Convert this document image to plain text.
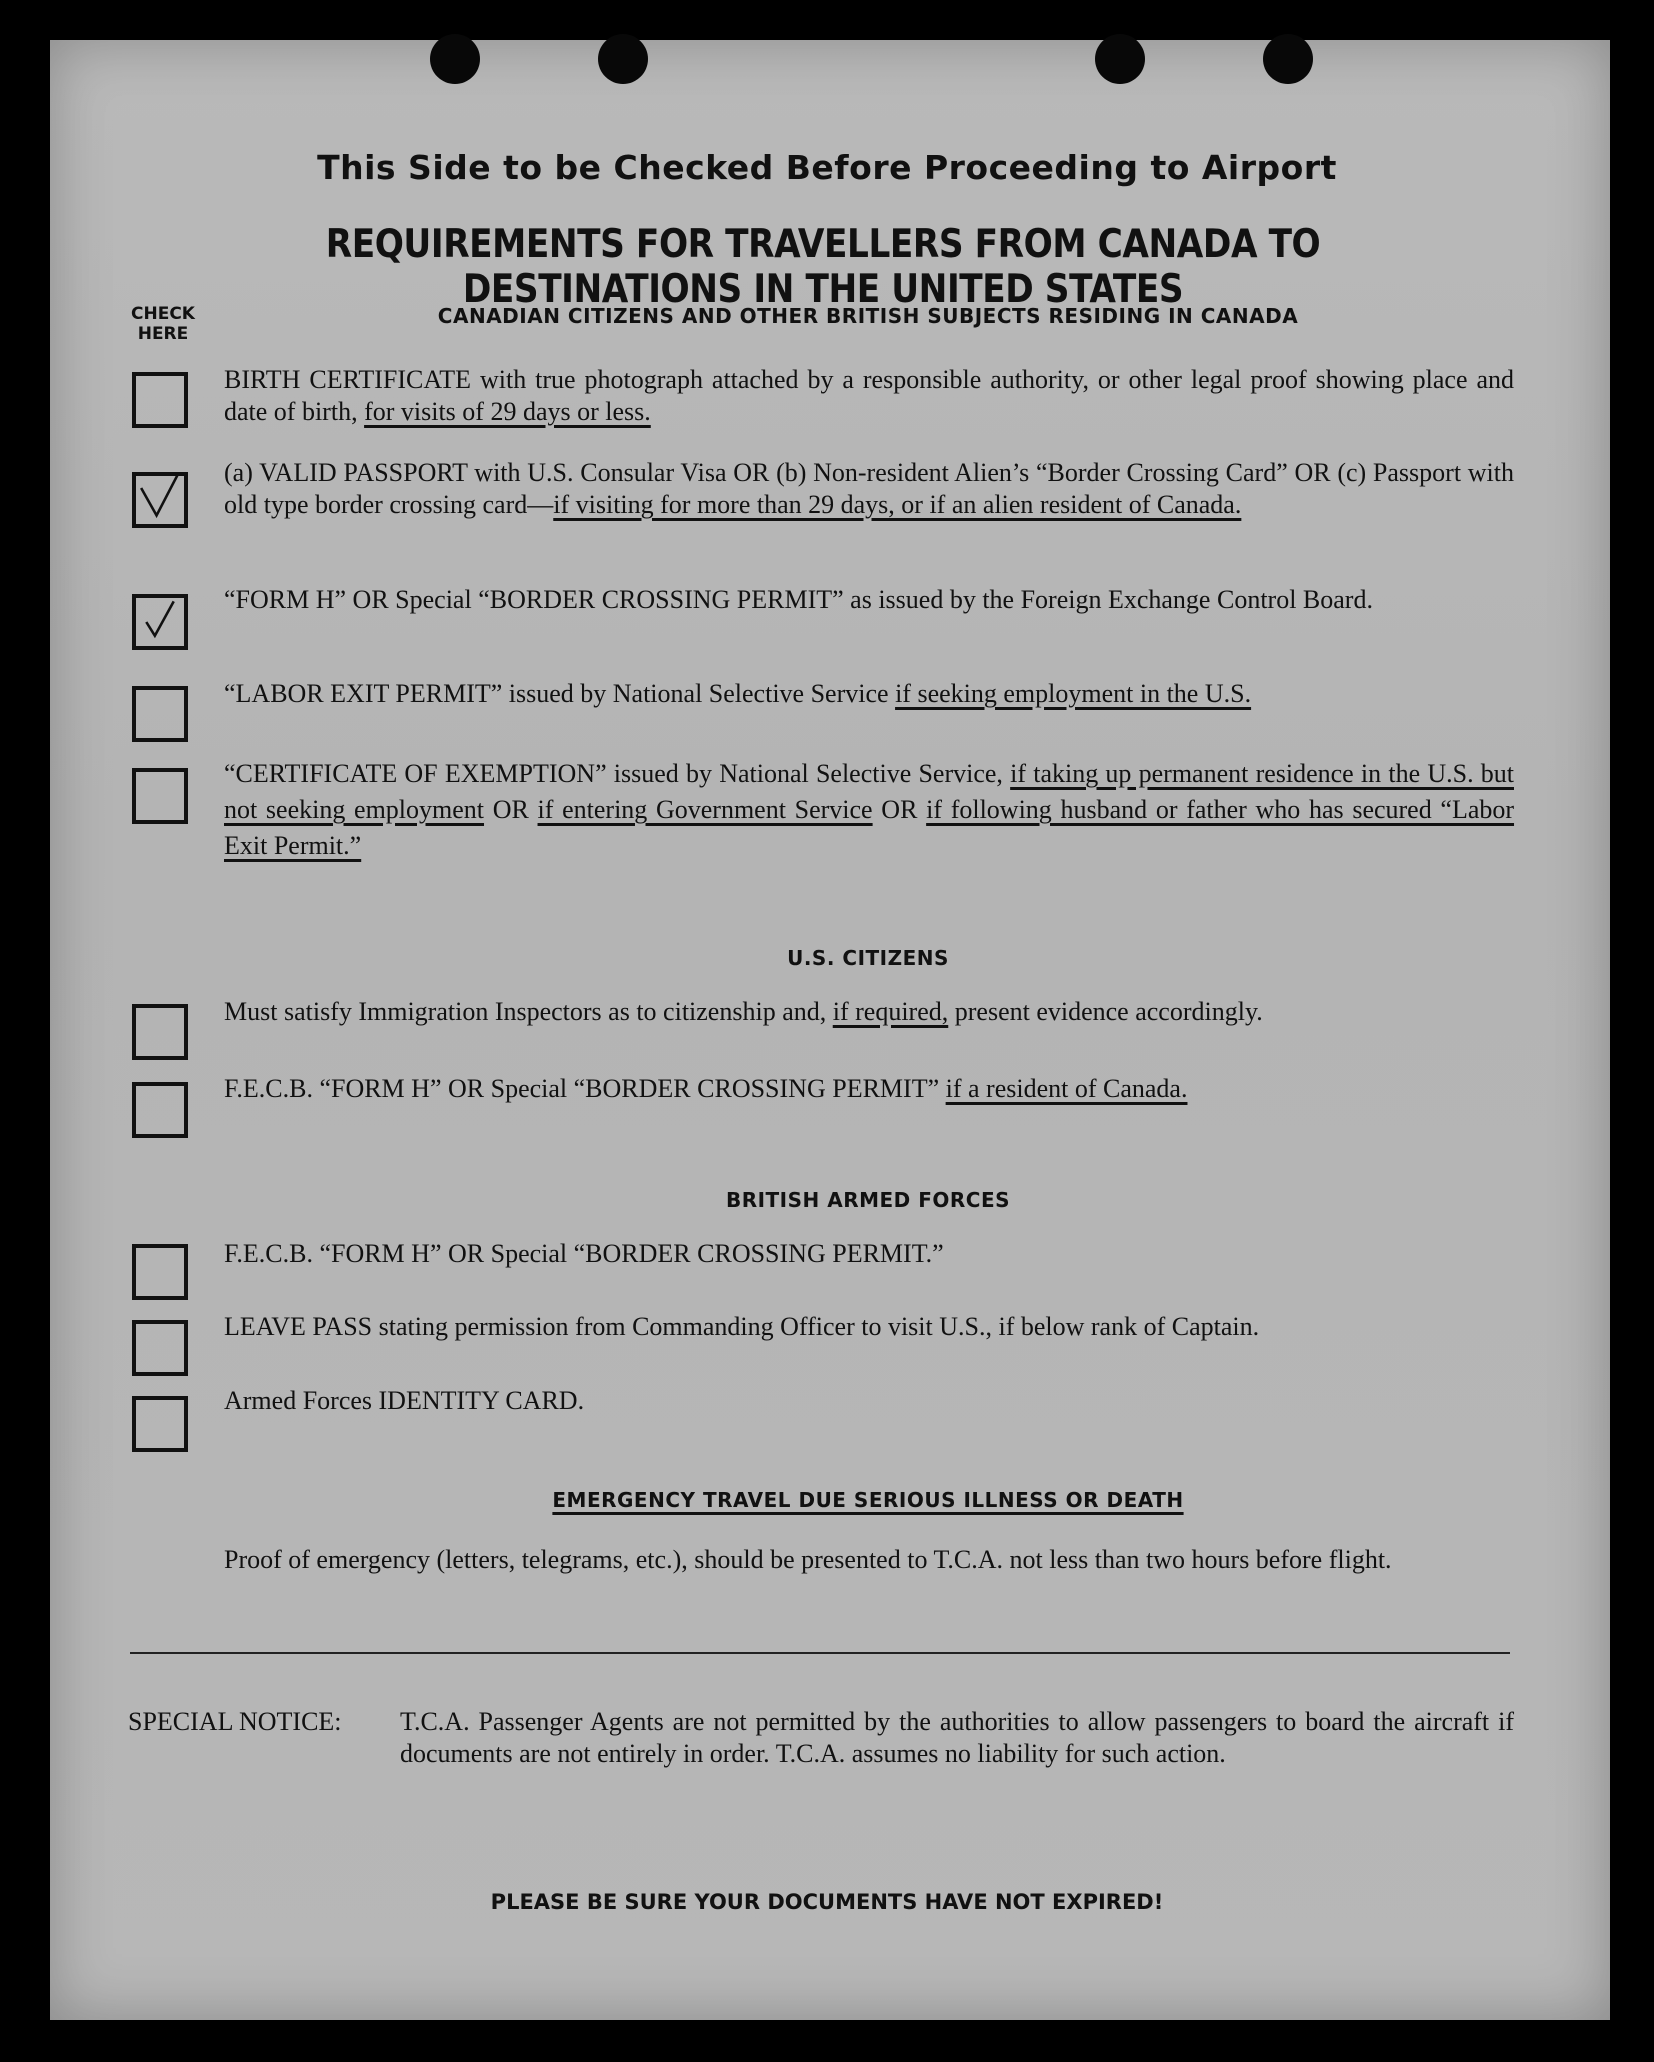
This Side to be Checked Before Proceeding to Airport
REQUIREMENTS FOR TRAVELLERS FROM CANADA TO DESTINATIONS IN THE UNITED STATES
CHECK HERE
CANADIAN CITIZENS AND OTHER BRITISH SUBJECTS RESIDING IN CANADA
BIRTH CERTIFICATE with true photograph attached by a responsible authority, or other legal proof showing place and date of birth, for visits of 29 days or less.
(a) VALID PASSPORT with U.S. Consular Visa OR (b) Non-resident Alien’s “Border Crossing Card” OR (c) Passport with old type border crossing card—if visiting for more than 29 days, or if an alien resident of Canada.
“FORM H” OR Special “BORDER CROSSING PERMIT” as issued by the Foreign Exchange Control Board.
“LABOR EXIT PERMIT” issued by National Selective Service if seeking employment in the U.S.
“CERTIFICATE OF EXEMPTION” issued by National Selective Service, if taking up permanent residence in the U.S. but not seeking employment OR if entering Government Service OR if following husband or father who has secured “Labor Exit Permit.”
U.S. CITIZENS
Must satisfy Immigration Inspectors as to citizenship and, if required, present evidence accordingly.
F.E.C.B. “FORM H” OR Special “BORDER CROSSING PERMIT” if a resident of Canada.
BRITISH ARMED FORCES
F.E.C.B. “FORM H” OR Special “BORDER CROSSING PERMIT.”
LEAVE PASS stating permission from Commanding Officer to visit U.S., if below rank of Captain.
Armed Forces IDENTITY CARD.
EMERGENCY TRAVEL DUE SERIOUS ILLNESS OR DEATH
Proof of emergency (letters, telegrams, etc.), should be presented to T.C.A. not less than two hours before flight.
SPECIAL NOTICE: T.C.A. Passenger Agents are not permitted by the authorities to allow passengers to board the aircraft if documents are not entirely in order. T.C.A. assumes no liability for such action.
PLEASE BE SURE YOUR DOCUMENTS HAVE NOT EXPIRED!
